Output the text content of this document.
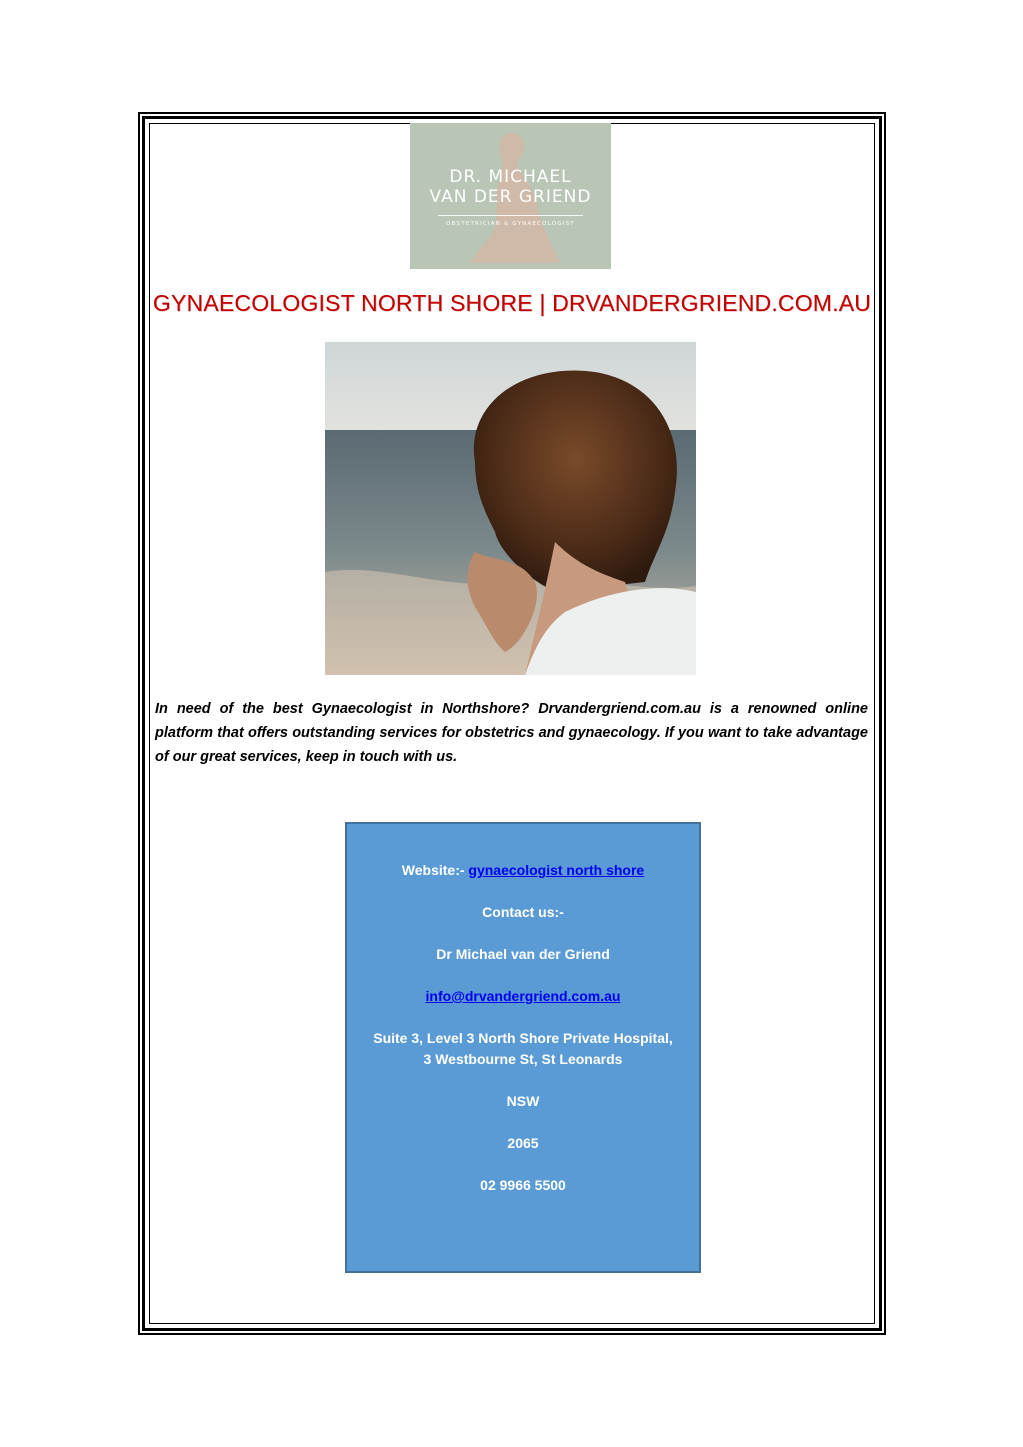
DR. MICHAEL
VAN DER GRIEND
OBSTETRICIAN & GYNAECOLOGIST
GYNAECOLOGIST NORTH SHORE | DRVANDERGRIEND.COM.AU

In need of the best Gynaecologist in Northshore? Drvandergriend.com.au is a renowned online platform that offers outstanding services for obstetrics and gynaecology. If you want to take advantage of our great services, keep in touch with us.

Website:- gynaecologist north shore
Contact us:-
Dr Michael van der Griend
info@drvandergriend.com.au
Suite 3, Level 3 North Shore Private Hospital,
3 Westbourne St, St Leonards
NSW
2065
02 9966 5500
